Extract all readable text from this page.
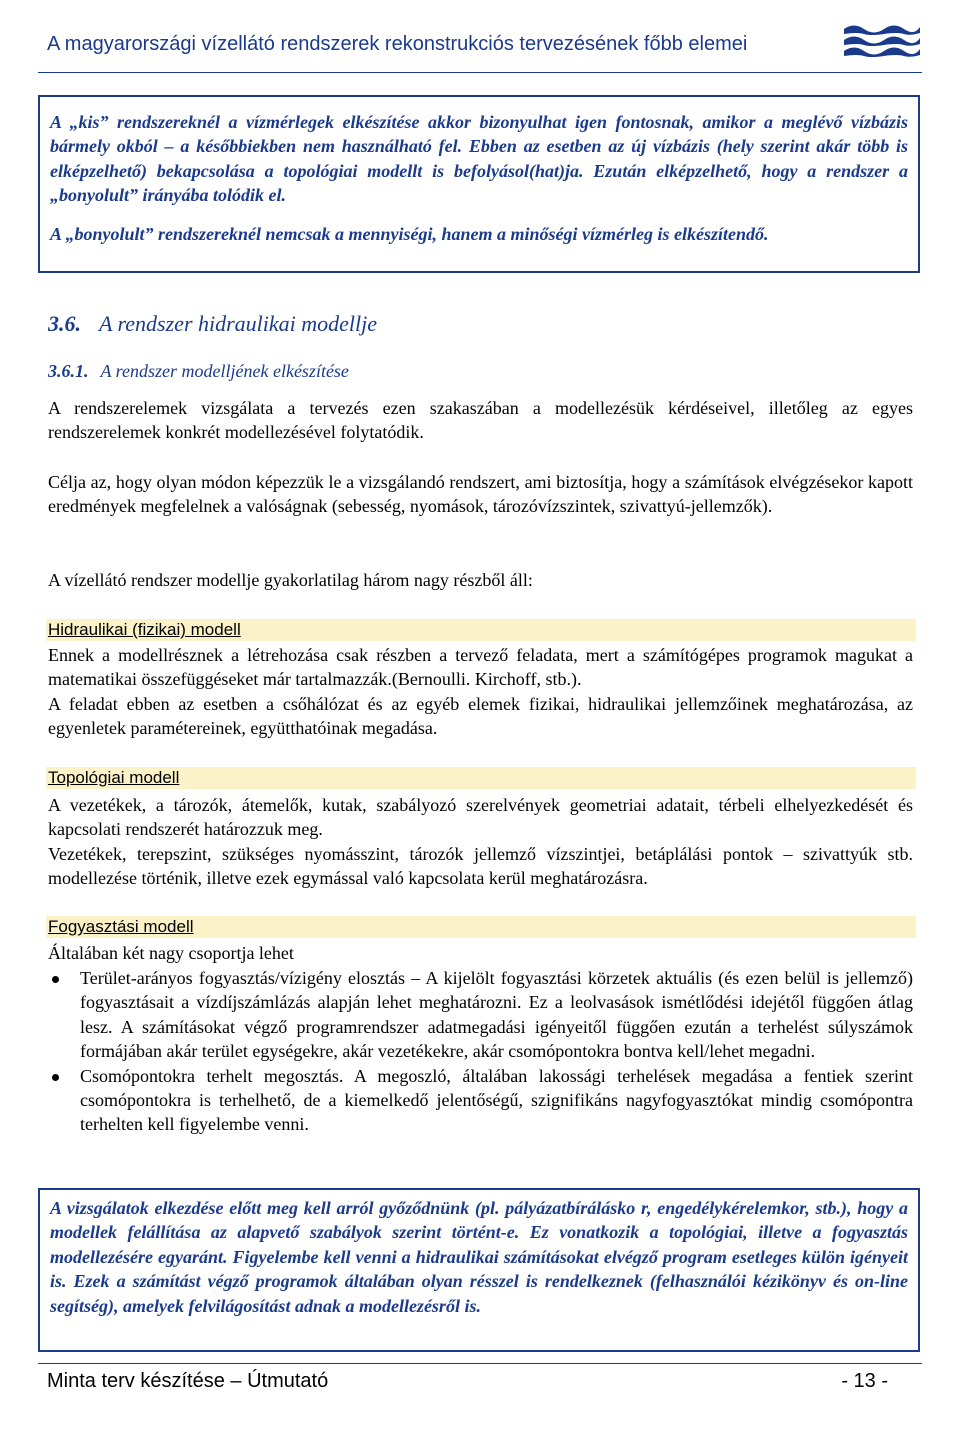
A magyarországi vízellátó rendszerek rekonstrukciós tervezésének főbb elemei

A „kis” rendszereknél a vízmérlegek elkészítése akkor bizonyulhat igen fontosnak, amikor a meglévő vízbázis bármely okból – a későbbiekben nem használható fel. Ebben az esetben az új vízbázis (hely szerint akár több is elképzelhető) bekapcsolása a topológiai modellt is befolyásol(hat)ja. Ezután elképzelhető, hogy a rendszer a „bonyolult” irányába tolódik el.

A „bonyolult” rendszereknél nemcsak a mennyiségi, hanem a minőségi vízmérleg is elkészítendő.

3.6. A rendszer hidraulikai modellje
3.6.1. A rendszer modelljének elkészítése

A rendszerelemek vizsgálata a tervezés ezen szakaszában a modellezésük kérdéseivel, illetőleg az egyes rendszerelemek konkrét modellezésével folytatódik.

Célja az, hogy olyan módon képezzük le a vizsgálandó rendszert, ami biztosítja, hogy a számítások elvégzésekor kapott eredmények megfelelnek a valóságnak (sebesség, nyomások, tározóvízszintek, szivattyú-jellemzők).

A vízellátó rendszer modellje gyakorlatilag három nagy részből áll:

Hidraulikai (fizikai) modell

Ennek a modellrésznek a létrehozása csak részben a tervező feladata, mert a számítógépes programok magukat a matematikai összefüggéseket már tartalmazzák.(Bernoulli. Kirchoff, stb.).

A feladat ebben az esetben a csőhálózat és az egyéb elemek fizikai, hidraulikai jellemzőinek meghatározása, az egyenletek paramétereinek, együtthatóinak megadása.

Topológiai modell

A vezetékek, a tározók, átemelők, kutak, szabályozó szerelvények geometriai adatait, térbeli elhelyezkedését és kapcsolati rendszerét határozzuk meg.

Vezetékek, terepszint, szükséges nyomásszint, tározók jellemző vízszintjei, betáplálási pontok – szivattyúk stb. modellezése történik, illetve ezek egymással való kapcsolata kerül meghatározásra.

Fogyasztási modell

Általában két nagy csoportja lehet

Terület-arányos fogyasztás/vízigény elosztás – A kijelölt fogyasztási körzetek aktuális (és ezen belül is jellemző) fogyasztásait a vízdíjszámlázás alapján lehet meghatározni. Ez a leolvasások ismétlődési idejétől függően átlag lesz. A számításokat végző programrendszer adatmegadási igényeitől függően ezután a terhelést súlyszámok formájában akár terület egységekre, akár vezetékekre, akár csomópontokra bontva kell/lehet megadni.
Csomópontokra terhelt megosztás. A megoszló, általában lakossági terhelések megadása a fentiek szerint csomópontokra is terhelhető, de a kiemelkedő jelentőségű, szignifikáns nagyfogyasztókat mindig csomópontra terhelten kell figyelembe venni.

A vizsgálatok elkezdése előtt meg kell arról győződnünk (pl. pályázatbírálásko r, engedélykérelemkor, stb.), hogy a modellek felállítása az alapvető szabályok szerint történt-e. Ez vonatkozik a topológiai, illetve a fogyasztás modellezésére egyaránt. Figyelembe kell venni a hidraulikai számításokat elvégző program esetleges külön igényeit is. Ezek a számítást végző programok általában olyan résszel is rendelkeznek (felhasználói kézikönyv és on-line segítség), amelyek felvilágosítást adnak a modellezésről is.

Minta terv készítése – Útmutató	- 13 -
